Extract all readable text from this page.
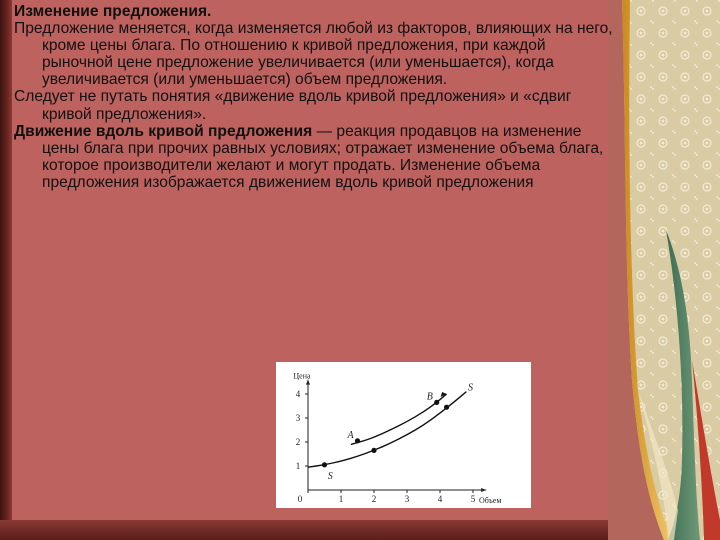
Изменение предложения.

Предложение меняется, когда изменяется любой из факторов, влияющих на него, кроме цены блага. По отношению к кривой предложения, при каждой рыночной цене предложение увеличивается (или уменьшается), когда увеличивается (или уменьшается) объем предложения.

Следует не путать понятия «движение вдоль кривой предложения» и «сдвиг кривой предложения».

Движение вдоль кривой предложения — реакция продавцов на изменение цены блага при прочих равных условиях; отражает изменение объема блага, которое производители желают и могут продать. Изменение объема предложения изображается движением вдоль кривой предложения

Цена
Объем
0	1	2	3	4	5
1
2
3
4
A
B
S
S
